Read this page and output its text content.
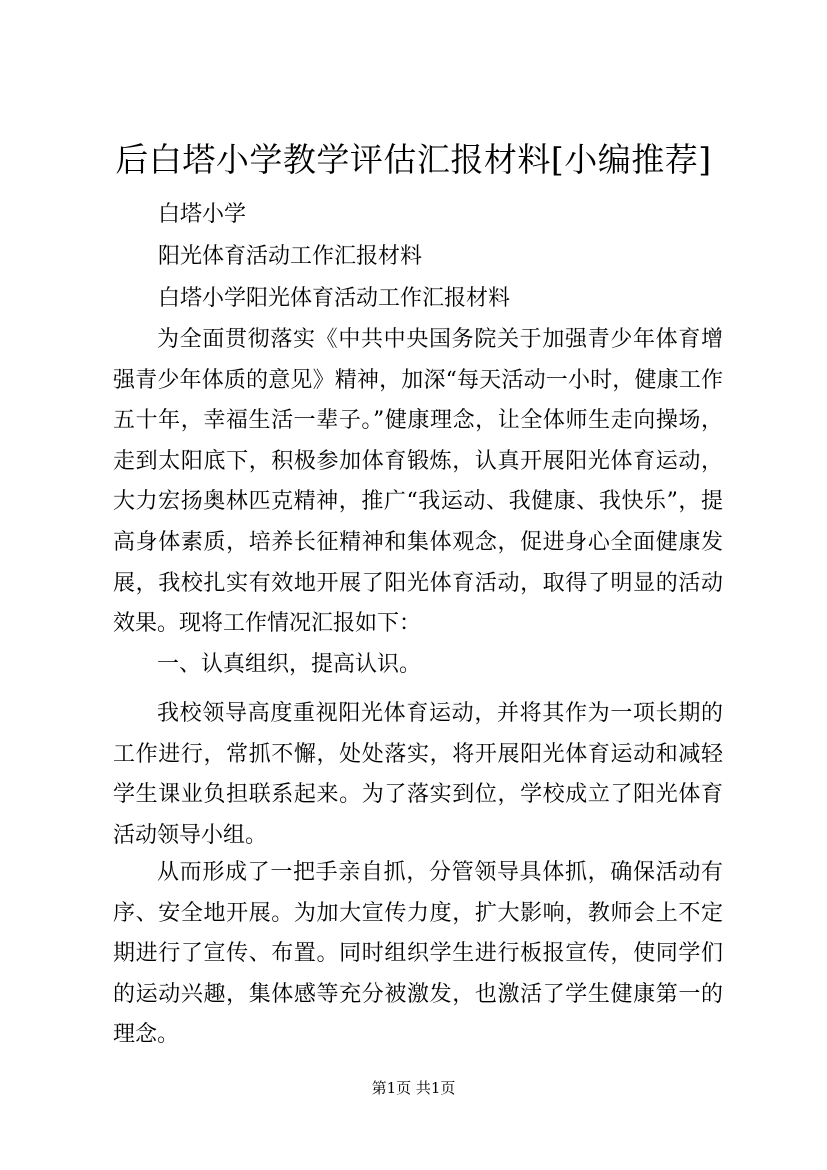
后白塔小学教学评估汇报材料[小编推荐]
白塔小学
阳光体育活动工作汇报材料
白塔小学阳光体育活动工作汇报材料

为全面贯彻落实《中共中央国务院关于加强青少年体育增强青少年体质的意见》精神，加深“每天活动一小时，健康工作五十年，幸福生活一辈子。”健康理念，让全体师生走向操场，走到太阳底下，积极参加体育锻炼，认真开展阳光体育运动，大力宏扬奥林匹克精神，推广“我运动、我健康、我快乐”，提高身体素质，培养长征精神和集体观念，促进身心全面健康发展，我校扎实有效地开展了阳光体育活动，取得了明显的活动效果。现将工作情况汇报如下：

一、认真组织，提高认识。

我校领导高度重视阳光体育运动，并将其作为一项长期的工作进行，常抓不懈，处处落实，将开展阳光体育运动和减轻学生课业负担联系起来。为了落实到位，学校成立了阳光体育活动领导小组。

从而形成了一把手亲自抓，分管领导具体抓，确保活动有序、安全地开展。为加大宣传力度，扩大影响，教师会上不定期进行了宣传、布置。同时组织学生进行板报宣传，使同学们的运动兴趣，集体感等充分被激发，也激活了学生健康第一的理念。

第1页 共1页
